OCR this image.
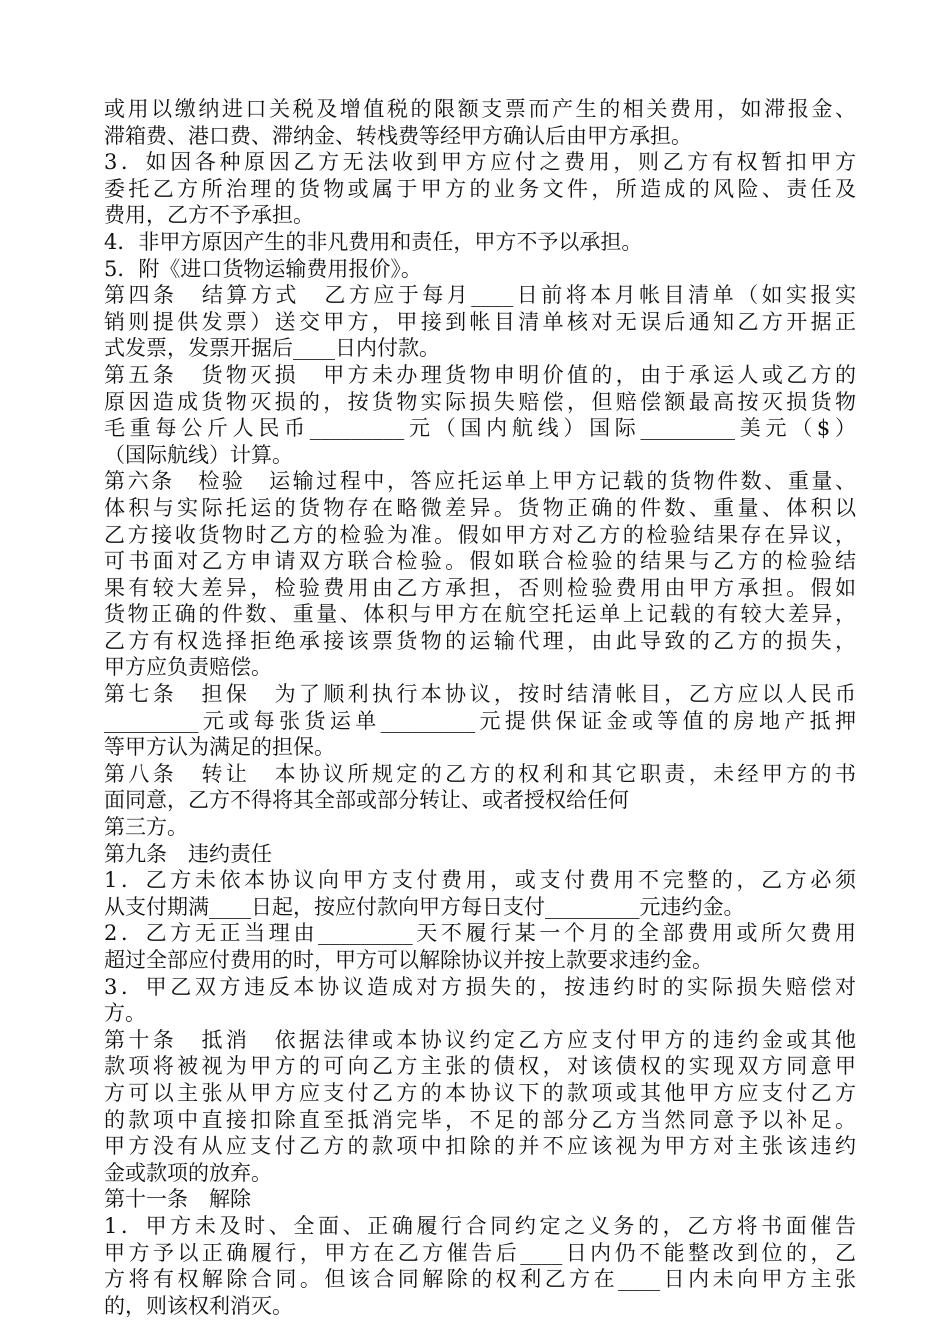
或用以缴纳进口关税及增值税的限额支票而产生的相关费用，如滞报金、
滞箱费、港口费、滞纳金、转栈费等经甲方确认后由甲方承担。
3．如因各种原因乙方无法收到甲方应付之费用，则乙方有权暂扣甲方
委托乙方所治理的货物或属于甲方的业务文件，所造成的风险、责任及
费用，乙方不予承担。
4．非甲方原因产生的非凡费用和责任，甲方不予以承担。
5．附《进口货物运输费用报价》。
第四条　结算方式　乙方应于每月____日前将本月帐目清单（如实报实
销则提供发票）送交甲方，甲接到帐目清单核对无误后通知乙方开据正
式发票，发票开据后____日内付款。
第五条　货物灭损　甲方未办理货物申明价值的，由于承运人或乙方的
原因造成货物灭损的，按货物实际损失赔偿，但赔偿额最高按灭损货物
毛重每公斤人民币_________元（国内航线）国际_________美元（$）
（国际航线）计算。
第六条　检验　运输过程中，答应托运单上甲方记载的货物件数、重量、
体积与实际托运的货物存在略微差异。货物正确的件数、重量、体积以
乙方接收货物时乙方的检验为准。假如甲方对乙方的检验结果存在异议，
可书面对乙方申请双方联合检验。假如联合检验的结果与乙方的检验结
果有较大差异，检验费用由乙方承担，否则检验费用由甲方承担。假如
货物正确的件数、重量、体积与甲方在航空托运单上记载的有较大差异，
乙方有权选择拒绝承接该票货物的运输代理，由此导致的乙方的损失，
甲方应负责赔偿。
第七条　担保　为了顺利执行本协议，按时结清帐目，乙方应以人民币
_________元或每张货运单_________元提供保证金或等值的房地产抵押
等甲方认为满足的担保。
第八条　转让　本协议所规定的乙方的权利和其它职责，未经甲方的书
面同意，乙方不得将其全部或部分转让、或者授权给任何
第三方。
第九条　违约责任
1．乙方未依本协议向甲方支付费用，或支付费用不完整的，乙方必须
从支付期满____日起，按应付款向甲方每日支付_________元违约金。
2．乙方无正当理由_________天不履行某一个月的全部费用或所欠费用
超过全部应付费用的时，甲方可以解除协议并按上款要求违约金。
3．甲乙双方违反本协议造成对方损失的，按违约时的实际损失赔偿对
方。
第十条　抵消　依据法律或本协议约定乙方应支付甲方的违约金或其他
款项将被视为甲方的可向乙方主张的债权，对该债权的实现双方同意甲
方可以主张从甲方应支付乙方的本协议下的款项或其他甲方应支付乙方
的款项中直接扣除直至抵消完毕，不足的部分乙方当然同意予以补足。
甲方没有从应支付乙方的款项中扣除的并不应该视为甲方对主张该违约
金或款项的放弃。
第十一条　解除
1．甲方未及时、全面、正确履行合同约定之义务的，乙方将书面催告
甲方予以正确履行，甲方在乙方催告后____日内仍不能整改到位的，乙
方将有权解除合同。但该合同解除的权利乙方在____日内未向甲方主张
的，则该权利消灭。
